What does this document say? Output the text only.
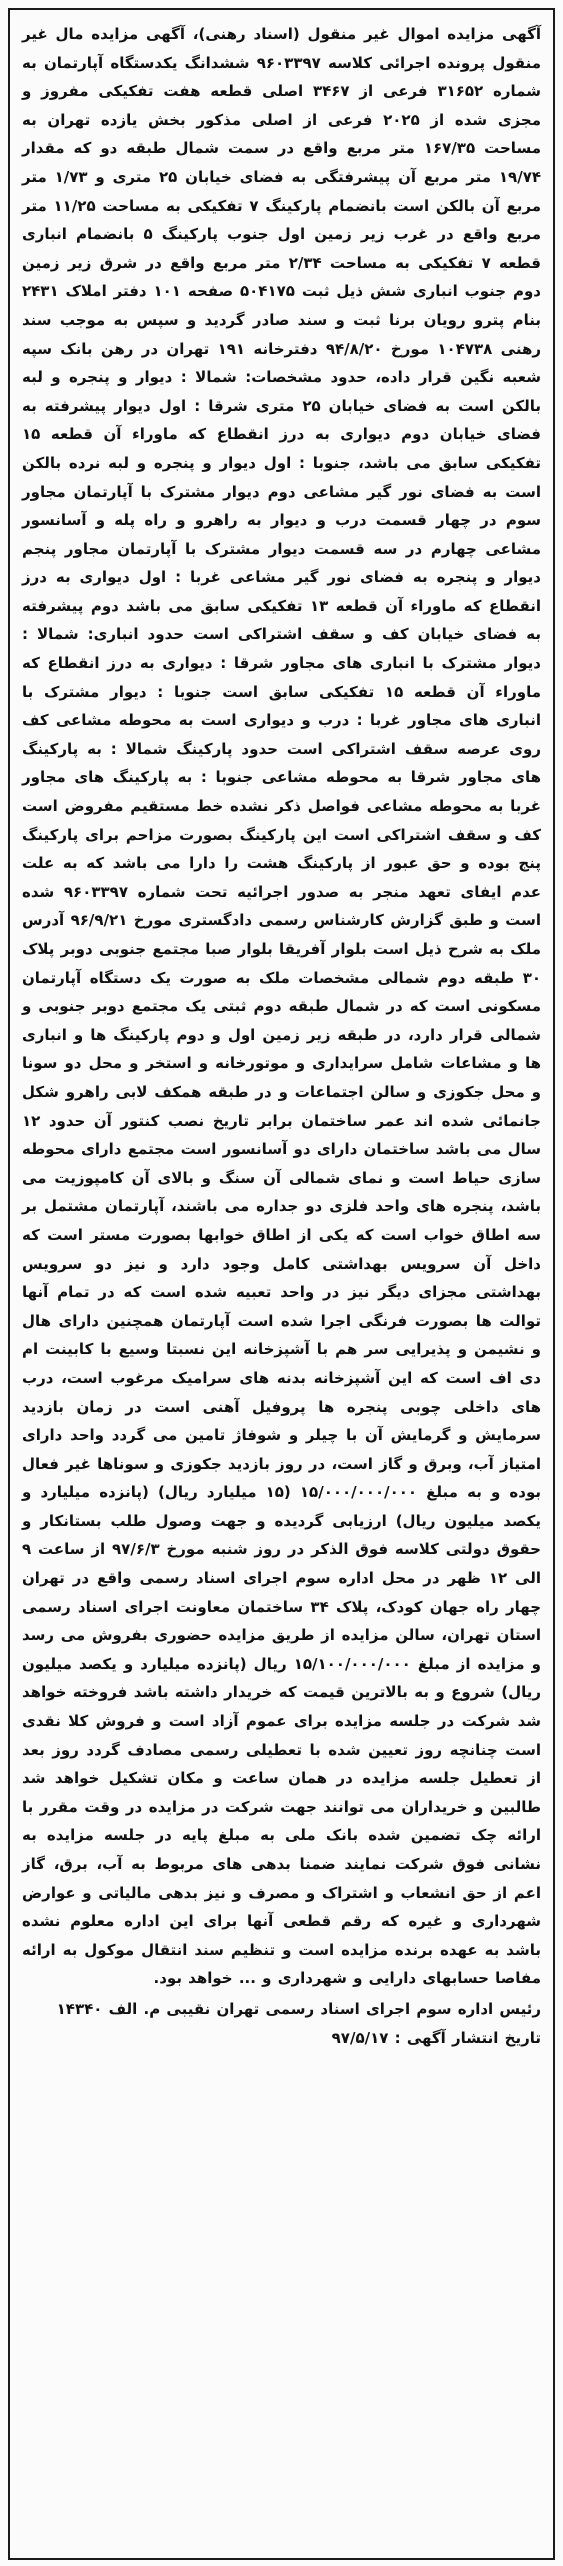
آگهی مزایده اموال غیر منقول (اسناد رهنی)، آگهی مزایده مال غیر منقول پرونده اجرائی کلاسه ۹۶۰۳۳۹۷ ششدانگ یکدستگاه آپارتمان به شماره ۳۱۶۵۲ فرعی از ۳۴۶۷ اصلی قطعه هفت تفکیکی مفروز و مجزی شده از ۲۰۲۵ فرعی از اصلی مذکور بخش یازده تهران به مساحت ۱۶۷/۳۵ متر مربع واقع در سمت شمال طبقه دو که مقدار ۱۹/۷۴ متر مربع آن پیشرفتگی به فضای خیابان ۲۵ متری و ۱/۷۳ متر مربع آن بالکن است بانضمام پارکینگ ۷ تفکیکی به مساحت ۱۱/۲۵ متر مربع واقع در غرب زیر زمین اول جنوب پارکینگ ۵ بانضمام انباری قطعه ۷ تفکیکی به مساحت ۲/۳۴ متر مربع واقع در شرق زیر زمین دوم جنوب انباری شش ذیل ثبت ۵۰۴۱۷۵ صفحه ۱۰۱ دفتر املاک ۲۴۳۱ بنام پترو رویان برنا ثبت و سند صادر گردید و سپس به موجب سند رهنی ۱۰۴۷۳۸ مورخ ۹۴/۸/۲۰ دفترخانه ۱۹۱ تهران در رهن بانک سپه شعبه نگین قرار داده، حدود مشخصات: شمالا : دیوار و پنجره و لبه بالکن است به فضای خیابان ۲۵ متری شرقا : اول دیوار پیشرفته به فضای خیابان دوم دیواری به درز انقطاع که ماوراء آن قطعه ۱۵ تفکیکی سابق می باشد، جنوبا : اول دیوار و پنجره و لبه نرده بالکن است به فضای نور گیر مشاعی دوم دیوار مشترک با آپارتمان مجاور سوم در چهار قسمت درب و دیوار به راهرو و راه پله و آسانسور مشاعی چهارم در سه قسمت دیوار مشترک با آپارتمان مجاور پنجم دیوار و پنجره به فضای نور گیر مشاعی غربا : اول دیواری به درز انقطاع که ماوراء آن قطعه ۱۳ تفکیکی سابق می باشد دوم پیشرفته به فضای خیابان کف و سقف اشتراکی است حدود انباری: شمالا : دیوار مشترک با انباری های مجاور شرقا : دیواری به درز انقطاع که ماوراء آن قطعه ۱۵ تفکیکی سابق است جنوبا : دیوار مشترک با انباری های مجاور غربا : درب و دیواری است به محوطه مشاعی کف روی عرصه سقف اشتراکی است حدود پارکینگ شمالا : به پارکینگ های مجاور شرقا به محوطه مشاعی جنوبا : به پارکینگ های مجاور غربا به محوطه مشاعی فواصل ذکر نشده خط مستقیم مفروض است کف و سقف اشتراکی است این پارکینگ بصورت مزاحم برای پارکینگ پنج بوده و حق عبور از پارکینگ هشت را دارا می باشد که به علت عدم ایفای تعهد منجر به صدور اجرائیه تحت شماره ۹۶۰۳۳۹۷ شده است و طبق گزارش کارشناس رسمی دادگستری مورخ ۹۶/۹/۲۱ آدرس ملک به شرح ذیل است بلوار آفریقا بلوار صبا مجتمع جنوبی دوبر پلاک ۳۰ طبقه دوم شمالی مشخصات ملک به صورت یک دستگاه آپارتمان مسکونی است که در شمال طبقه دوم ثبتی یک مجتمع دوبر جنوبی و شمالی قرار دارد، در طبقه زیر زمین اول و دوم پارکینگ ها و انباری ها و مشاعات شامل سرایداری و موتورخانه و استخر و محل دو سونا و محل جکوزی و سالن اجتماعات و در طبقه همکف لابی راهرو شکل جانمائی شده اند عمر ساختمان برابر تاریخ نصب کنتور آن حدود ۱۲ سال می باشد ساختمان دارای دو آسانسور است مجتمع دارای محوطه سازی حیاط است و نمای شمالی آن سنگ و بالای آن کامپوزیت می باشد، پنجره های واحد فلزی دو جداره می باشند، آپارتمان مشتمل بر سه اطاق خواب است که یکی از اطاق خوابها بصورت مستر است که داخل آن سرویس بهداشتی کامل وجود دارد و نیز دو سرویس بهداشتی مجزای دیگر نیز در واحد تعبیه شده است که در تمام آنها توالت ها بصورت فرنگی اجرا شده است آپارتمان همچنین دارای هال و نشیمن و پذیرایی سر هم با آشپزخانه این نسبتا وسیع با کابینت ام دی اف است که این آشپزخانه بدنه های سرامیک مرغوب است، درب های داخلی چوبی پنجره ها پروفیل آهنی است در زمان بازدید سرمایش و گرمایش آن با چیلر و شوفاژ تامین می گردد واحد دارای امتیاز آب، وبرق و گاز است، در روز بازدید جکوزی و سوناها غیر فعال بوده و به مبلغ ۱۵/۰۰۰/۰۰۰/۰۰۰ (۱۵ میلیارد ریال) (پانزده میلیارد و یکصد میلیون ریال) ارزیابی گردیده و جهت وصول طلب بستانکار و حقوق دولتی کلاسه فوق الذکر در روز شنبه مورخ ۹۷/۶/۳ از ساعت ۹ الی ۱۲ ظهر در محل اداره سوم اجرای اسناد رسمی واقع در تهران چهار راه جهان کودک، پلاک ۳۴ ساختمان معاونت اجرای اسناد رسمی استان تهران، سالن مزایده از طریق مزایده حضوری بفروش می رسد و مزایده از مبلغ ۱۵/۱۰۰/۰۰۰/۰۰۰ ریال (پانزده میلیارد و یکصد میلیون ریال) شروع و به بالاترین قیمت که خریدار داشته باشد فروخته خواهد شد شرکت در جلسه مزایده برای عموم آزاد است و فروش کلا نقدی است چنانچه روز تعیین شده با تعطیلی رسمی مصادف گردد روز بعد از تعطیل جلسه مزایده در همان ساعت و مکان تشکیل خواهد شد طالبین و خریداران می توانند جهت شرکت در مزایده در وقت مقرر با ارائه چک تضمین شده بانک ملی به مبلغ پایه در جلسه مزایده به نشانی فوق شرکت نمایند ضمنا بدهی های مربوط به آب، برق، گاز اعم از حق انشعاب و اشتراک و مصرف و نیز بدهی مالیاتی و عوارض شهرداری و غیره که رقم قطعی آنها برای این اداره معلوم نشده باشد به عهده برنده مزایده است و تنظیم سند انتقال موکول به ارائه مفاصا حسابهای دارایی و شهرداری و ... خواهد بود.

رئیس اداره سوم اجرای اسناد رسمی تهران نقیبی م. الف ۱۴۳۴۰
تاریخ انتشار آگهی : ۹۷/۵/۱۷
